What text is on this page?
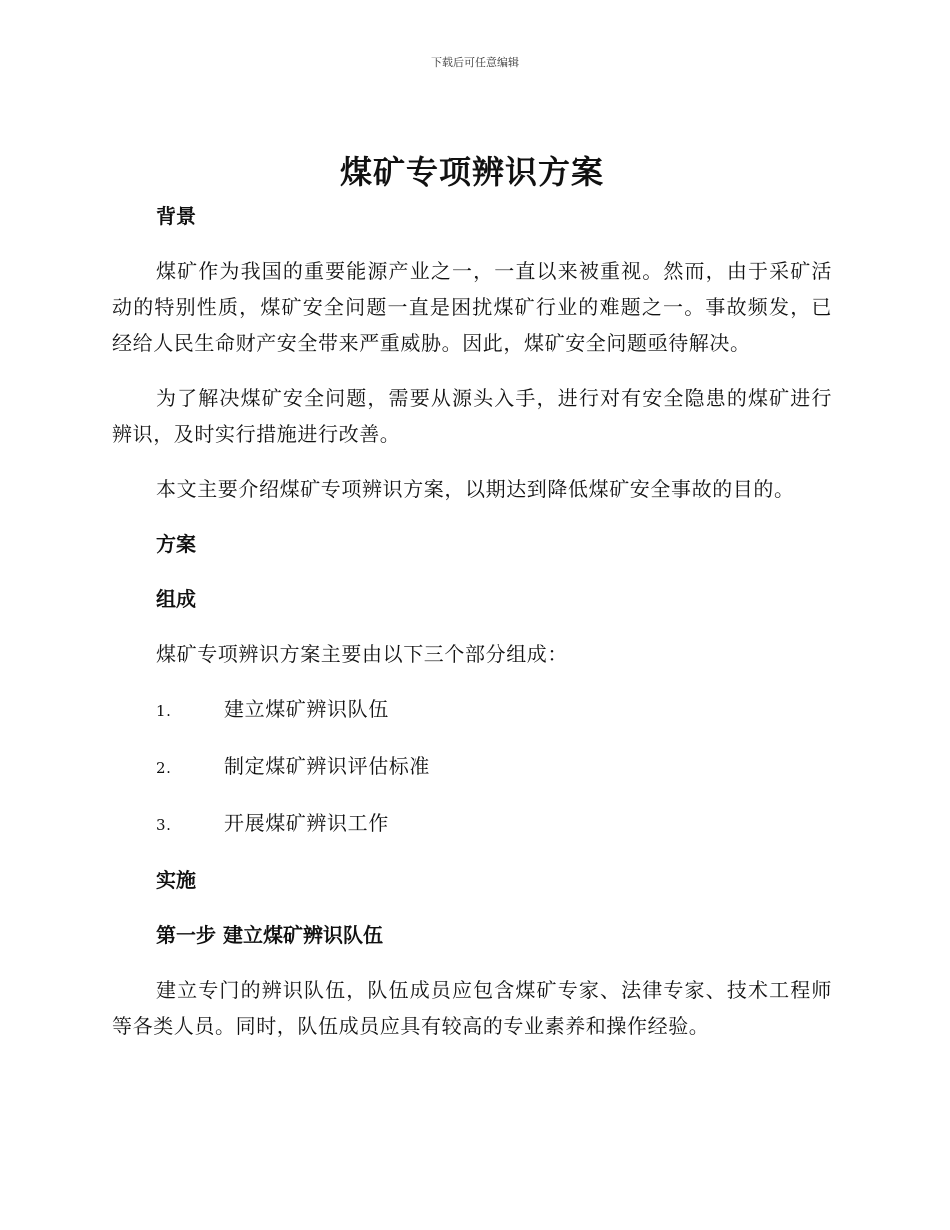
下载后可任意编辑
煤矿专项辨识方案
背景

煤矿作为我国的重要能源产业之一，一直以来被重视。然而，由于采矿活动的特别性质，煤矿安全问题一直是困扰煤矿行业的难题之一。事故频发，已经给人民生命财产安全带来严重威胁。因此，煤矿安全问题亟待解决。

为了解决煤矿安全问题，需要从源头入手，进行对有安全隐患的煤矿进行辨识，及时实行措施进行改善。

本文主要介绍煤矿专项辨识方案，以期达到降低煤矿安全事故的目的。

方案
组成

煤矿专项辨识方案主要由以下三个部分组成：

1.	建立煤矿辨识队伍
2.	制定煤矿辨识评估标准
3.	开展煤矿辨识工作
实施
第一步 建立煤矿辨识队伍

建立专门的辨识队伍，队伍成员应包含煤矿专家、法律专家、技术工程师等各类人员。同时，队伍成员应具有较高的专业素养和操作经验。
